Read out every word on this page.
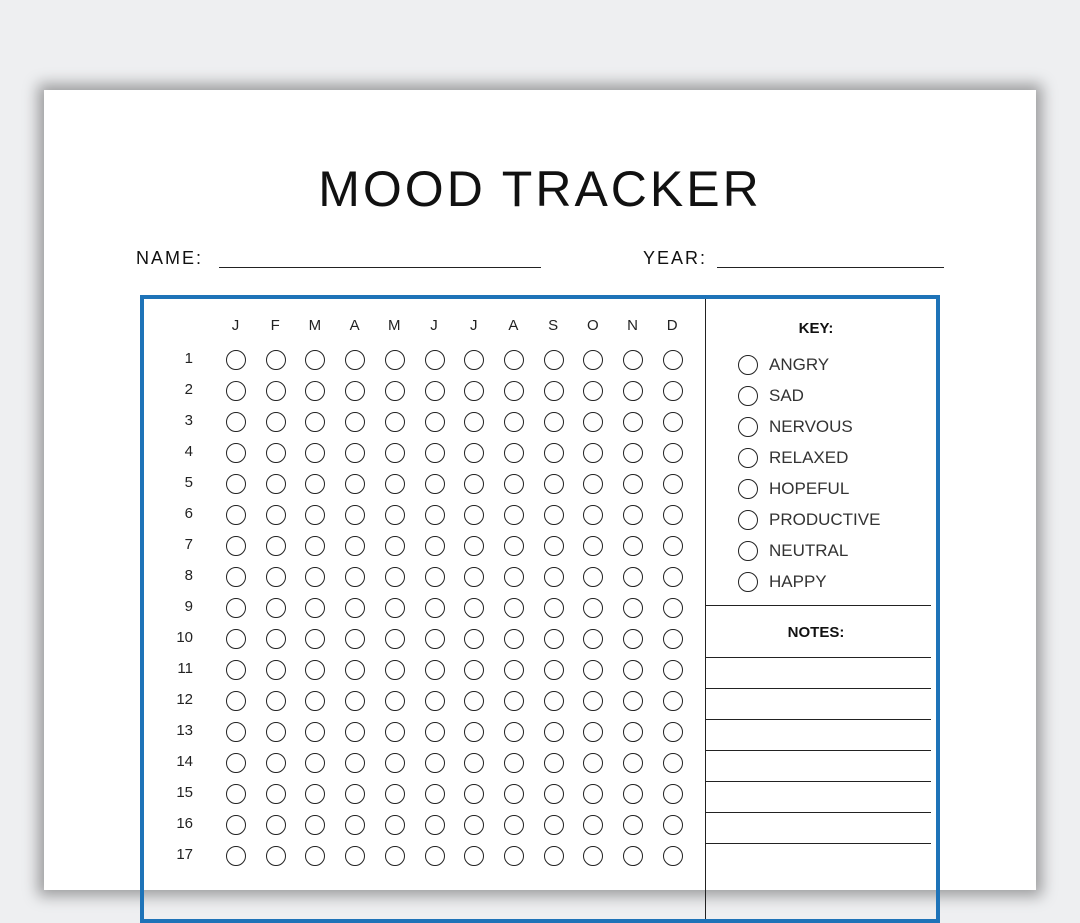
MOOD TRACKER
NAME:	YEAR:
J	F	M	A	M	J	J	A	S	O	N	D
1
2
3
4
5
6
7
8
9
10
11
12
13
14
15
16
17
KEY:
ANGRY
SAD
NERVOUS
RELAXED
HOPEFUL
PRODUCTIVE
NEUTRAL
HAPPY
NOTES:
